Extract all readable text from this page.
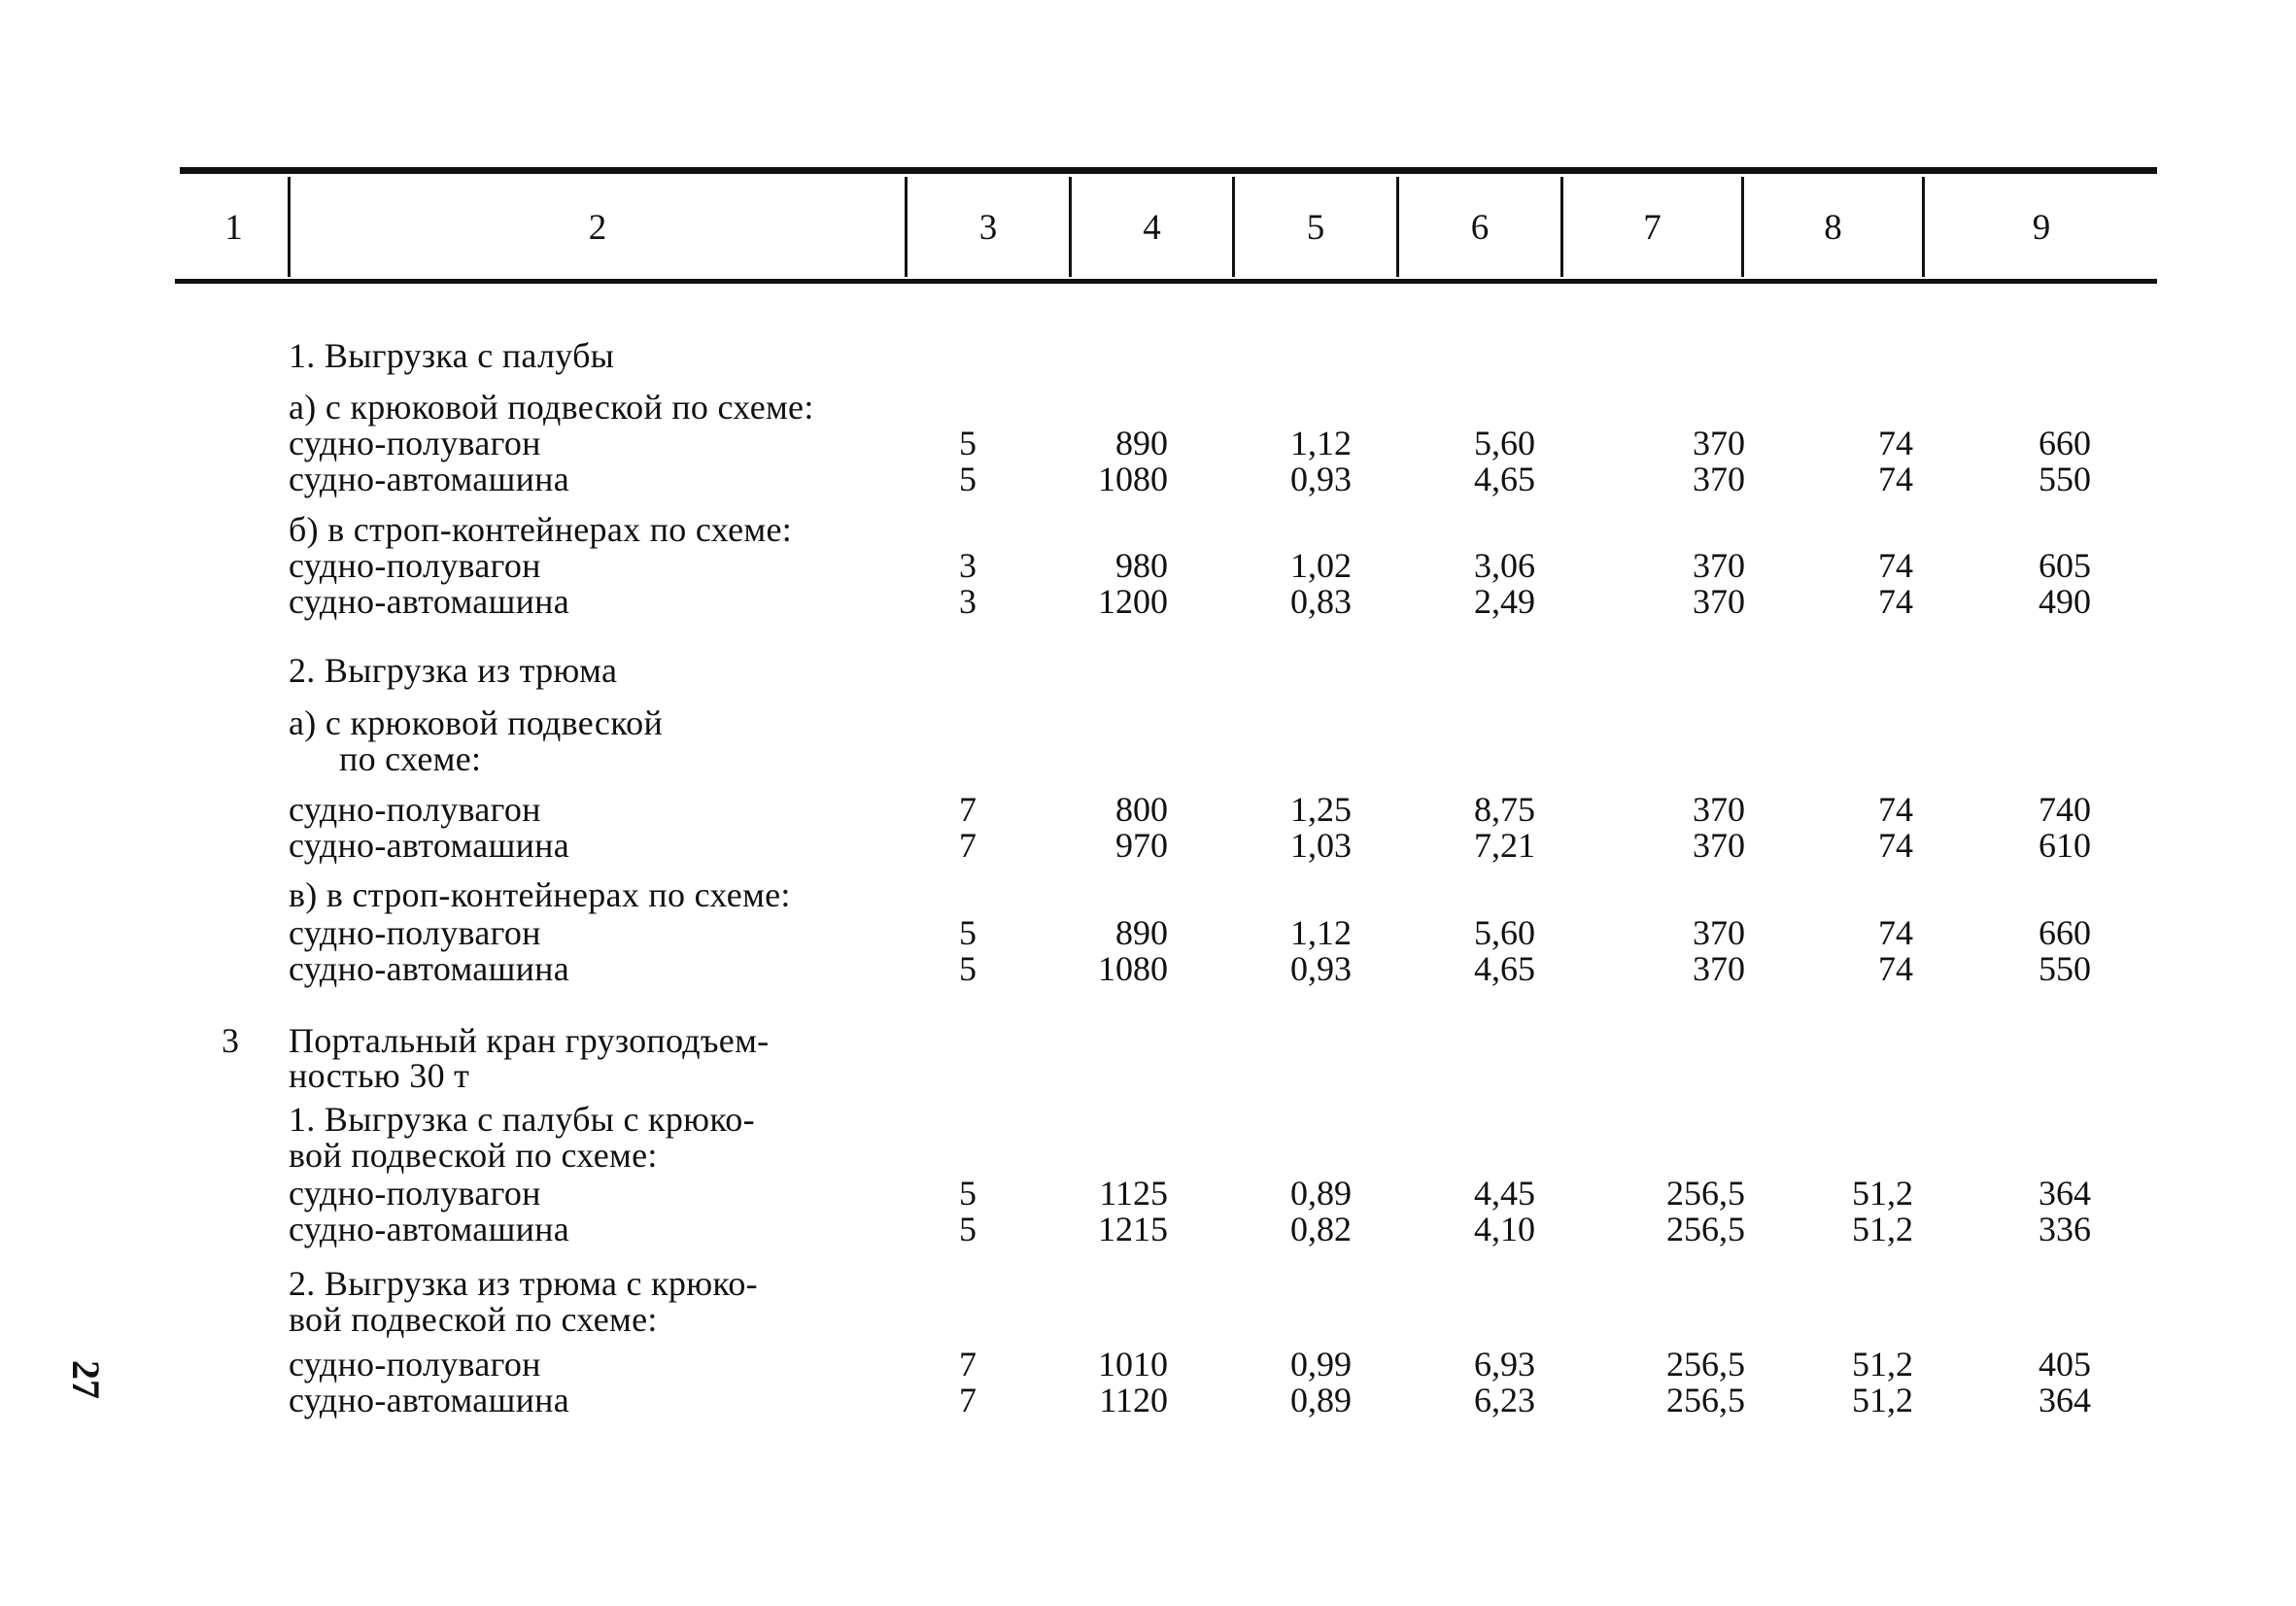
1	2	3	4	5	6	7	8	9
1. Выгрузка с палубы
а) с крюковой подвеской по схеме:
судно-полувагон	5	890	1,12	5,60	370	74	660
судно-автомашина	5	1080	0,93	4,65	370	74	550
б) в строп-контейнерах по схеме:
судно-полувагон	3	980	1,02	3,06	370	74	605
судно-автомашина	3	1200	0,83	2,49	370	74	490
2. Выгрузка из трюма
а) с крюковой подвеской
по схеме:
судно-полувагон	7	800	1,25	8,75	370	74	740
судно-автомашина	7	970	1,03	7,21	370	74	610
в) в строп-контейнерах по схеме:
судно-полувагон	5	890	1,12	5,60	370	74	660
судно-автомашина	5	1080	0,93	4,65	370	74	550
3 Портальный кран грузоподъем-
ностью 30 т
1. Выгрузка с палубы с крюко-
вой подвеской по схеме:
судно-полувагон	5	1125	0,89	4,45	256,5	51,2	364
судно-автомашина	5	1215	0,82	4,10	256,5	51,2	336
2. Выгрузка из трюма с крюко-
вой подвеской по схеме:
судно-полувагон	7	1010	0,99	6,93	256,5	51,2	405
судно-автомашина	7	1120	0,89	6,23	256,5	51,2	364
27
